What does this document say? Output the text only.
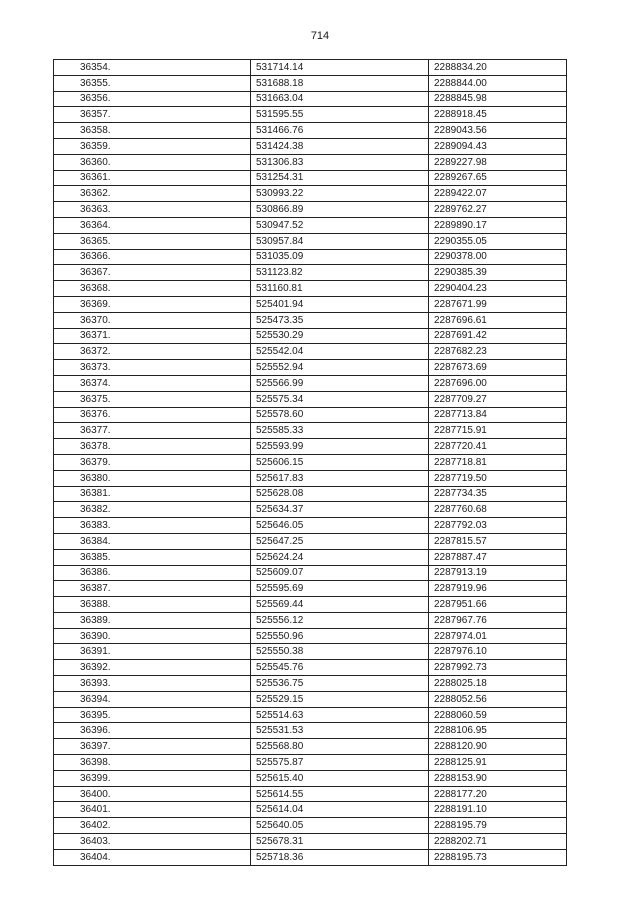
714
36354.	531714.14	2288834.20
36355.	531688.18	2288844.00
36356.	531663.04	2288845.98
36357.	531595.55	2288918.45
36358.	531466.76	2289043.56
36359.	531424.38	2289094.43
36360.	531306.83	2289227.98
36361.	531254.31	2289267.65
36362.	530993.22	2289422.07
36363.	530866.89	2289762.27
36364.	530947.52	2289890.17
36365.	530957.84	2290355.05
36366.	531035.09	2290378.00
36367.	531123.82	2290385.39
36368.	531160.81	2290404.23
36369.	525401.94	2287671.99
36370.	525473.35	2287696.61
36371.	525530.29	2287691.42
36372.	525542.04	2287682.23
36373.	525552.94	2287673.69
36374.	525566.99	2287696.00
36375.	525575.34	2287709.27
36376.	525578.60	2287713.84
36377.	525585.33	2287715.91
36378.	525593.99	2287720.41
36379.	525606.15	2287718.81
36380.	525617.83	2287719.50
36381.	525628.08	2287734.35
36382.	525634.37	2287760.68
36383.	525646.05	2287792.03
36384.	525647.25	2287815.57
36385.	525624.24	2287887.47
36386.	525609.07	2287913.19
36387.	525595.69	2287919.96
36388.	525569.44	2287951.66
36389.	525556.12	2287967.76
36390.	525550.96	2287974.01
36391.	525550.38	2287976.10
36392.	525545.76	2287992.73
36393.	525536.75	2288025.18
36394.	525529.15	2288052.56
36395.	525514.63	2288060.59
36396.	525531.53	2288106.95
36397.	525568.80	2288120.90
36398.	525575.87	2288125.91
36399.	525615.40	2288153.90
36400.	525614.55	2288177.20
36401.	525614.04	2288191.10
36402.	525640.05	2288195.79
36403.	525678.31	2288202.71
36404.	525718.36	2288195.73
